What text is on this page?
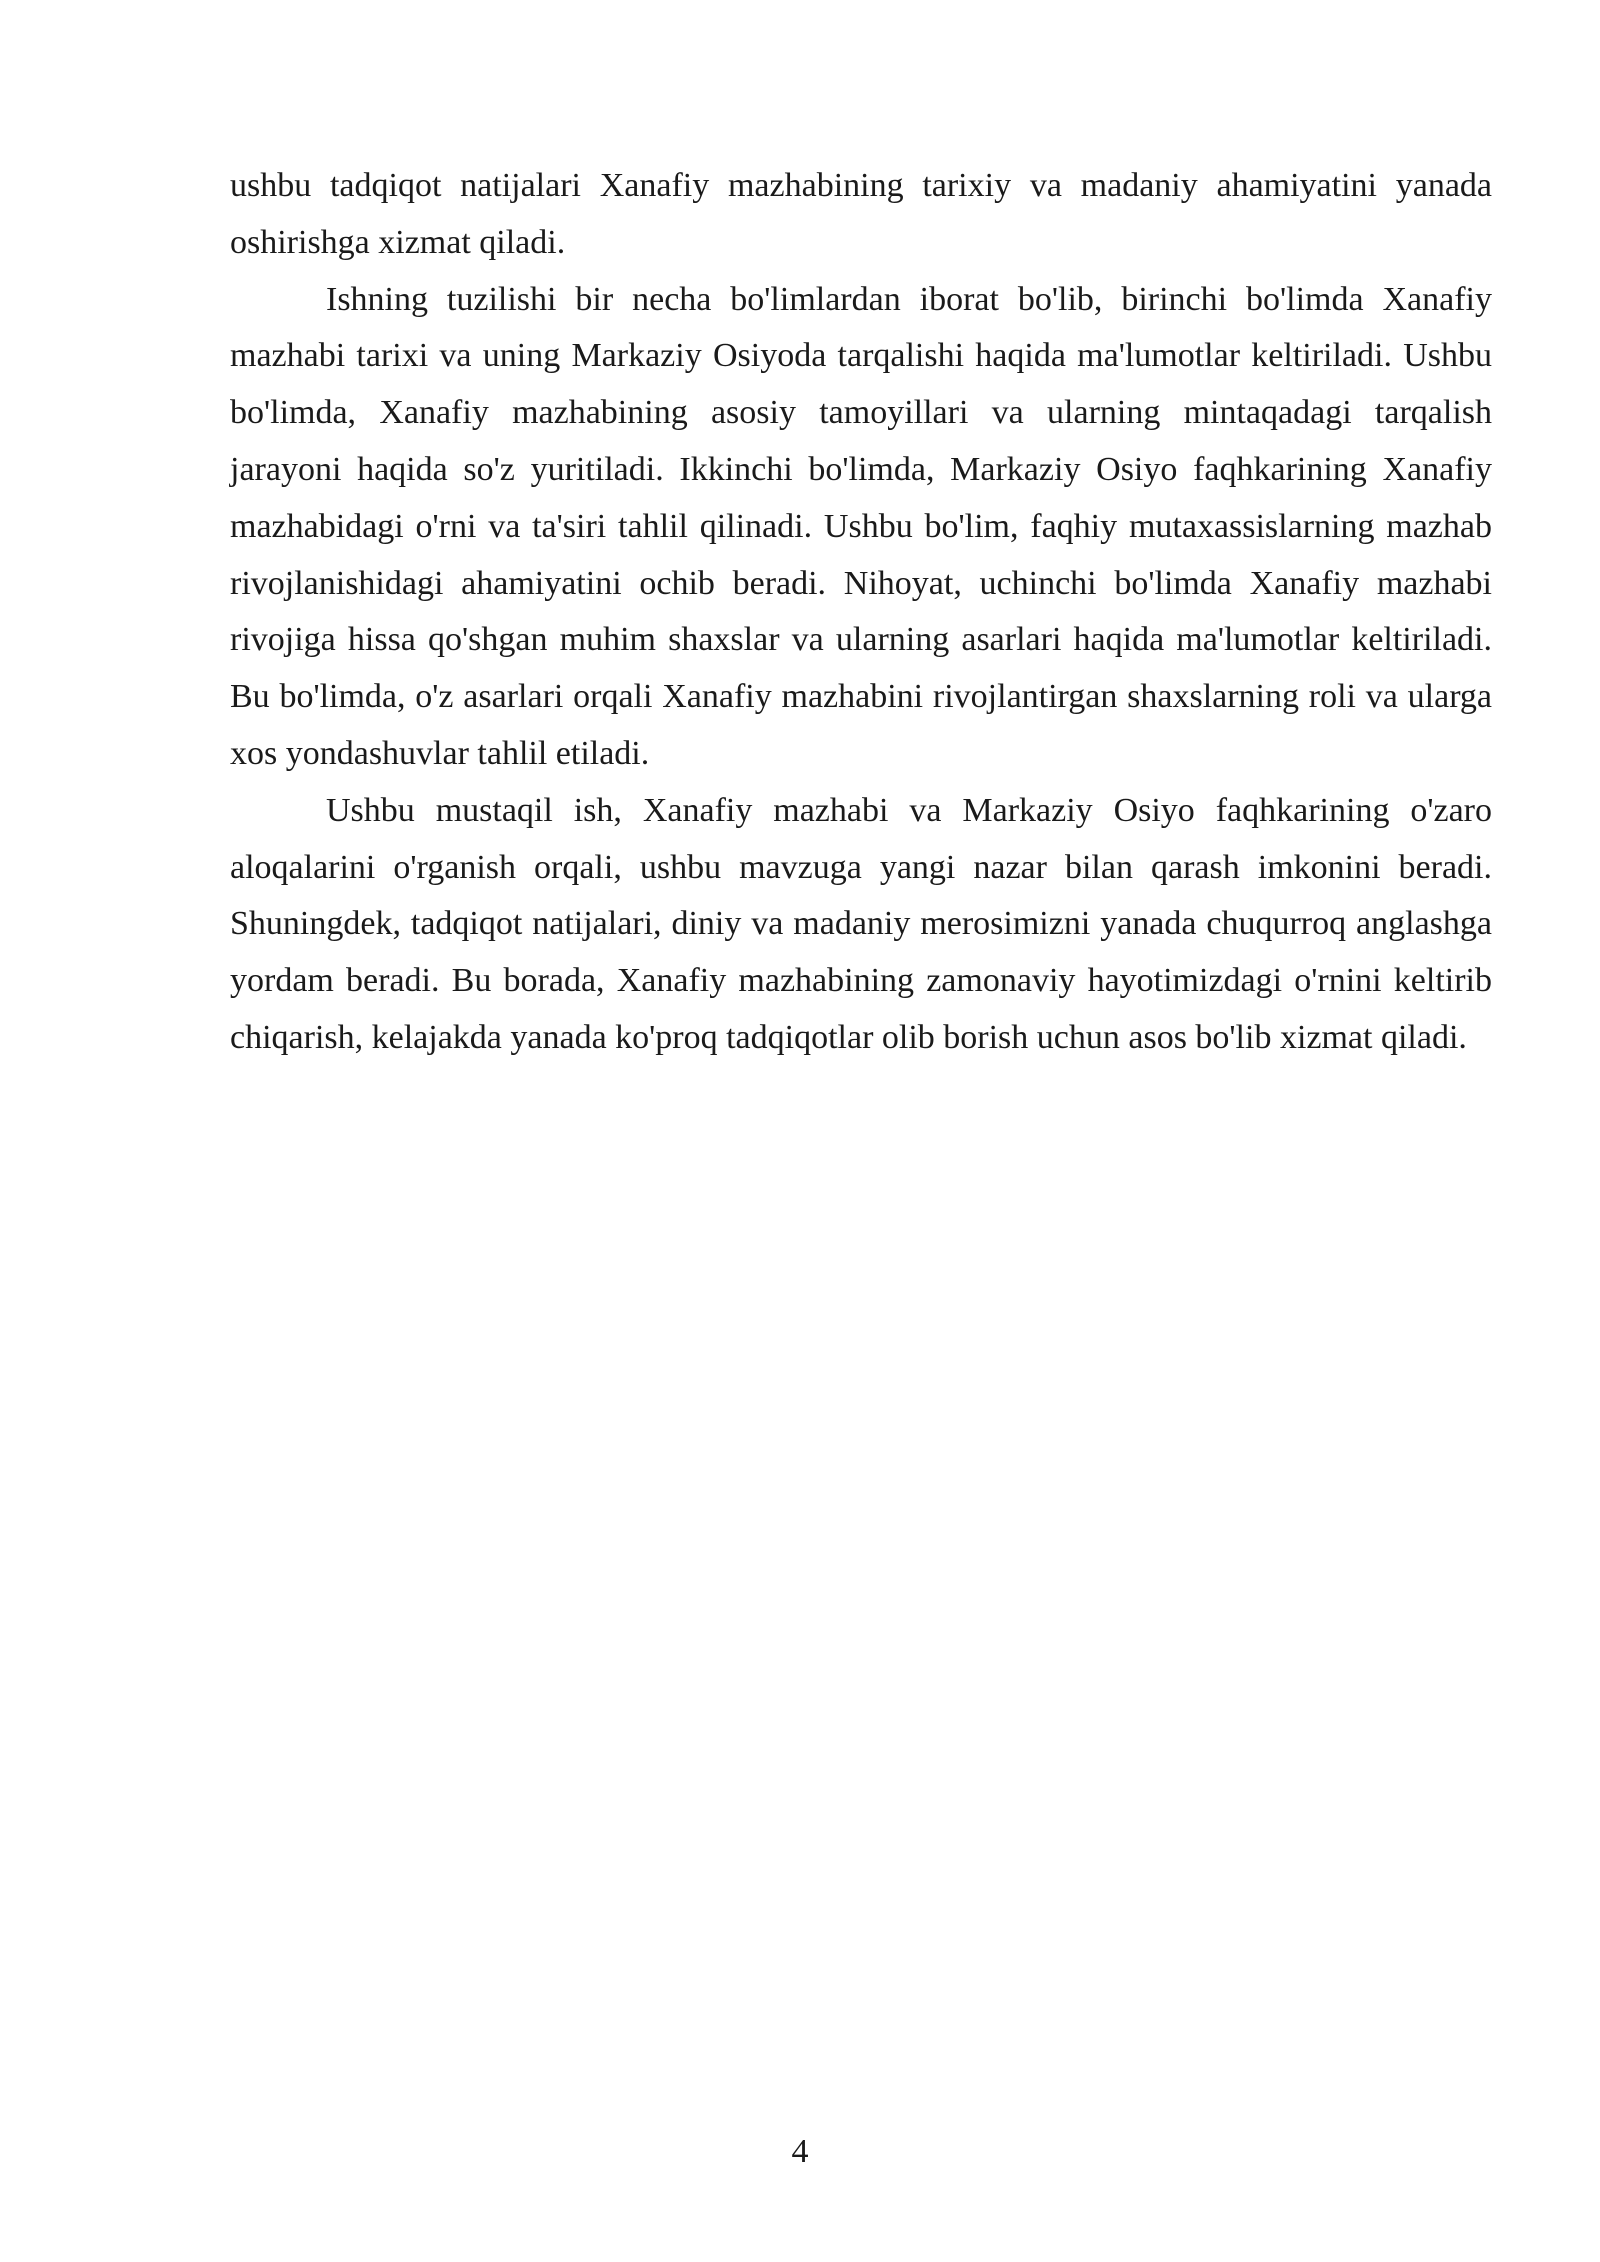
ushbu tadqiqot natijalari Xanafiy mazhabining tarixiy va madaniy ahamiyatini yanada oshirishga xizmat qiladi.

Ishning tuzilishi bir necha bo'limlardan iborat bo'lib, birinchi bo'limda Xanafiy mazhabi tarixi va uning Markaziy Osiyoda tarqalishi haqida ma'lumotlar keltiriladi. Ushbu bo'limda, Xanafiy mazhabining asosiy tamoyillari va ularning mintaqadagi tarqalish jarayoni haqida so'z yuritiladi. Ikkinchi bo'limda, Markaziy Osiyo faqhkarining Xanafiy mazhabidagi o'rni va ta'siri tahlil qilinadi. Ushbu bo'lim, faqhiy mutaxassislarning mazhab rivojlanishidagi ahamiyatini ochib beradi. Nihoyat, uchinchi bo'limda Xanafiy mazhabi rivojiga hissa qo'shgan muhim shaxslar va ularning asarlari haqida ma'lumotlar keltiriladi. Bu bo'limda, o'z asarlari orqali Xanafiy mazhabini rivojlantirgan shaxslarning roli va ularga xos yondashuvlar tahlil etiladi.

Ushbu mustaqil ish, Xanafiy mazhabi va Markaziy Osiyo faqhkarining o'zaro aloqalarini o'rganish orqali, ushbu mavzuga yangi nazar bilan qarash imkonini beradi. Shuningdek, tadqiqot natijalari, diniy va madaniy merosimizni yanada chuqurroq anglashga yordam beradi. Bu borada, Xanafiy mazhabining zamonaviy hayotimizdagi o'rnini keltirib chiqarish, kelajakda yanada ko'proq tadqiqotlar olib borish uchun asos bo'lib xizmat qiladi.

4
